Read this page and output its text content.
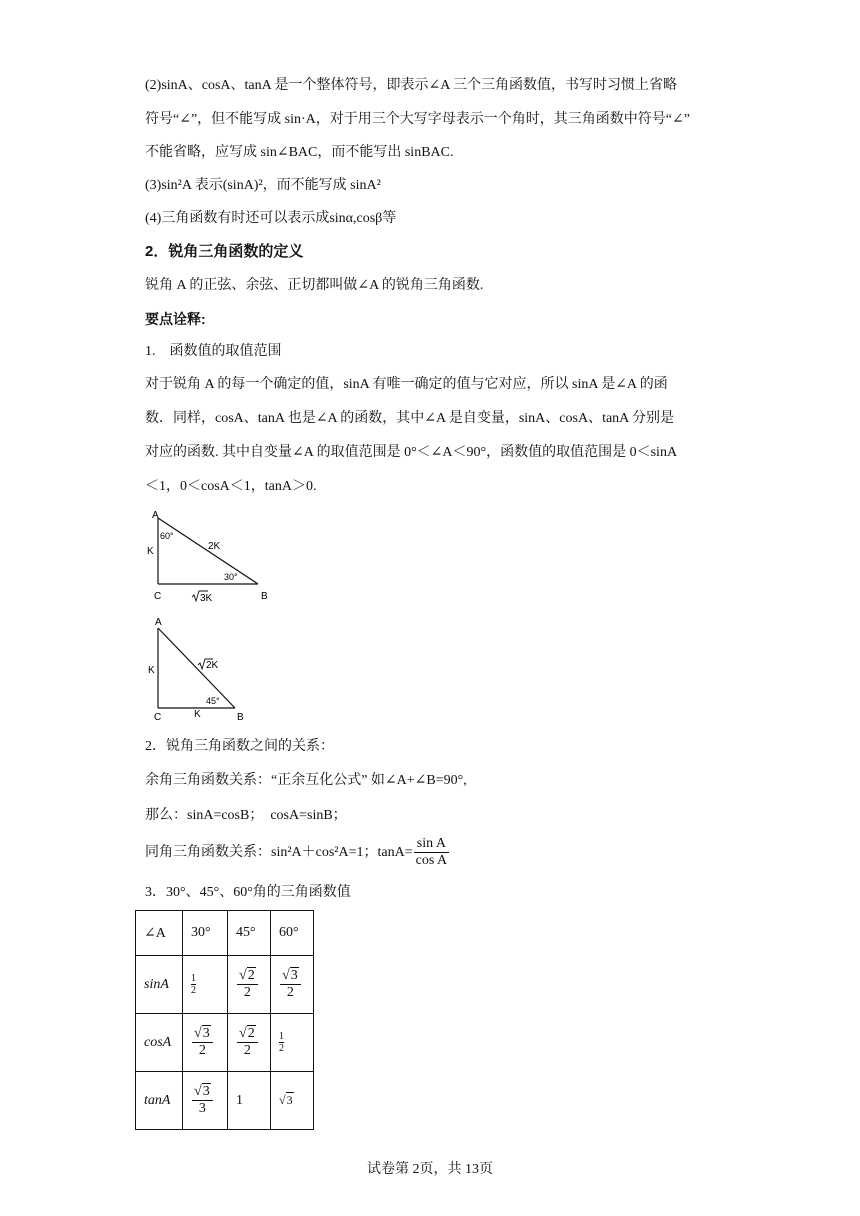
(2)sinA、cosA、tanA 是一个整体符号，即表示∠A 三个三角函数值，书写时习惯上省略
符号“∠”，但不能写成 sin·A，对于用三个大写字母表示一个角时，其三角函数中符号“∠”
不能省略，应写成 sin∠BAC，而不能写出 sinBAC.
(3)sin²A 表示(sinA)²，而不能写成 sinA²
(4)三角函数有时还可以表示成sinα,cosβ等
2．锐角三角函数的定义
锐角 A 的正弦、余弦、正切都叫做∠A 的锐角三角函数.
要点诠释:
1.　函数值的取值范围
对于锐角 A 的每一个确定的值，sinA 有唯一确定的值与它对应，所以 sinA 是∠A 的函
数．同样，cosA、tanA 也是∠A 的函数，其中∠A 是自变量，sinA、cosA、tanA 分别是
对应的函数. 其中自变量∠A 的取值范围是 0°＜∠A＜90°，函数值的取值范围是 0＜sinA
＜1，0＜cosA＜1，tanA＞0.
A
C	B
K
60°
2K
30°
3K
A
C	B
K	2K
45°
K
2．锐角三角函数之间的关系：
余角三角函数关系：“正余互化公式” 如∠A+∠B=90°,
那么：sinA=cosB；　cosA=sinB；
同角三角函数关系：sin²A＋cos²A=1；$\tan A= \frac{\text{sin A}}{\text{cos A}}$
3．30°、45°、60°角的三角函数值
∠A	30°	45°	60°
sinA	$\frac{1}{2}$	$\frac{√2}{2}$	$\frac{√3}{2}$

cosA	$\frac{√3}{2}$	$\frac{√2}{2}$	$\frac{1}{2}$

tanA	$\frac{√3}{3}$	1	√3
试卷第 2页，共 13页
